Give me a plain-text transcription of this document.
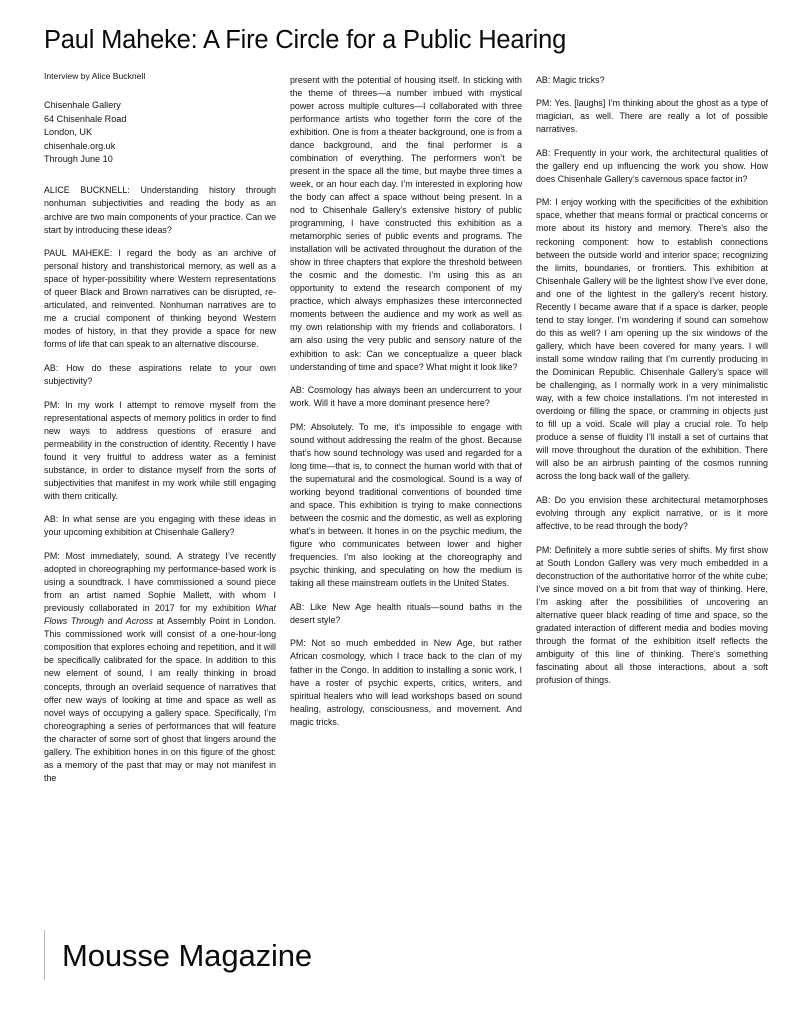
Paul Maheke: A Fire Circle for a Public Hearing
Interview by Alice Bucknell
Chisenhale Gallery
64 Chisenhale Road
London, UK
chisenhale.org.uk
Through June 10

ALICE BUCKNELL: Understanding history through nonhuman subjectivities and reading the body as an archive are two main components of your practice. Can we start by introducing these ideas?

PAUL MAHEKE: I regard the body as an archive of personal history and transhistorical memory, as well as a space of hyper-possibility where Western representations of queer Black and Brown narratives can be disrupted, re-articulated, and reinvented. Nonhuman narratives are to me a crucial component of thinking beyond Western modes of history, in that they provide a space for new forms of life that can speak to an alternative discourse.

AB: How do these aspirations relate to your own subjectivity?

PM: In my work I attempt to remove myself from the representational aspects of memory politics in order to find new ways to address questions of erasure and permeability in the construction of identity. Recently I have found it very fruitful to address water as a feminist substance, in order to distance myself from the sorts of subjectivities that manifest in my work while still engaging with them critically.

AB: In what sense are you engaging with these ideas in your upcoming exhibition at Chisenhale Gallery?

PM: Most immediately, sound. A strategy I’ve recently adopted in choreographing my performance-based work is using a soundtrack. I have commissioned a sound piece from an artist named Sophie Mallett, with whom I previously collaborated in 2017 for my exhibition What Flows Through and Across at Assembly Point in London. This commissioned work will consist of a one-hour-long composition that explores echoing and repetition, and it will be specifically calibrated for the space. In addition to this new element of sound, I am really thinking in broad concepts, through an overlaid sequence of narratives that offer new ways of looking at time and space as well as novel ways of occupying a gallery space. Specifically, I’m choreographing a series of performances that will feature the character of some sort of ghost that lingers around the gallery. The exhibition hones in on this figure of the ghost: as a memory of the past that may or may not manifest in the

present with the potential of housing itself. In sticking with the theme of threes—a number imbued with mystical power across multiple cultures—I collaborated with three performance artists who together form the core of the exhibition. One is from a theater background, one is from a dance background, and the final performer is a combination of everything. The performers won’t be present in the space all the time, but maybe three times a week, or an hour each day. I’m interested in exploring how the body can affect a space without being present. In a nod to Chisenhale Gallery’s extensive history of public programming, I have constructed this exhibition as a metamorphic series of public events and programs. The installation will be activated throughout the duration of the show in three chapters that explore the threshold between the cosmic and the domestic. I’m using this as an opportunity to extend the research component of my practice, which always emphasizes these interconnected moments between the audience and my work as well as my own relationship with my friends and collaborators. I am also using the very public and sensory nature of the exhibition to ask: Can we conceptualize a queer black understanding of time and space? What might it look like?

AB: Cosmology has always been an undercurrent to your work. Will it have a more dominant presence here?

PM: Absolutely. To me, it’s impossible to engage with sound without addressing the realm of the ghost. Because that’s how sound technology was used and regarded for a long time—that is, to connect the human world with that of the supernatural and the cosmological. Sound is a way of working beyond traditional conventions of bounded time and space. This exhibition is trying to make connections between the cosmic and the domestic, as well as exploring what’s in between. It hones in on the psychic medium, the figure who communicates between lower and higher frequencies. I’m also looking at the choreography and psychic thinking, and speculating on how the medium is taking all these mainstream outlets in the United States.

AB: Like New Age health rituals—sound baths in the desert style?

PM: Not so much embedded in New Age, but rather African cosmology, which I trace back to the clan of my father in the Congo. In addition to installing a sonic work, I have a roster of psychic experts, critics, writers, and spiritual healers who will lead workshops based on sound healing, astrology, consciousness, and movement. And magic tricks.

AB: Magic tricks?

PM: Yes. [laughs] I’m thinking about the ghost as a type of magician, as well. There are really a lot of possible narratives.

AB: Frequently in your work, the architectural qualities of the gallery end up influencing the work you show. How does Chisenhale Gallery’s cavernous space factor in?

PM: I enjoy working with the specificities of the exhibition space, whether that means formal or practical concerns or more about its history and memory. There’s also the reckoning component: how to establish connections between the outside world and interior space; recognizing the limits, boundaries, or frontiers. This exhibition at Chisenhale Gallery will be the lightest show I’ve ever done, and one of the lightest in the gallery’s recent history. Recently I became aware that if a space is darker, people tend to stay longer. I’m wondering if sound can somehow do this as well? I am opening up the six windows of the gallery, which have been covered for many years. I will install some window railing that I’m currently producing in the Dominican Republic. Chisenhale Gallery’s space will be challenging, as I normally work in a very minimalistic way, with a few choice installations. I’m not interested in overdoing or filling the space, or cramming in objects just to fill up a void. Scale will play a crucial role. To help produce a sense of fluidity I’ll install a set of curtains that will move throughout the duration of the exhibition. There will also be an airbrush painting of the cosmos running across the long back wall of the gallery.

AB: Do you envision these architectural metamorphoses evolving through any explicit narrative, or is it more affective, to be read through the body?

PM: Definitely a more subtle series of shifts. My first show at South London Gallery was very much embedded in a deconstruction of the authoritative horror of the white cube; I’ve since moved on a bit from that way of thinking. Here, I’m asking after the possibilities of uncovering an alternative queer black reading of time and space, so the gradated interaction of different media and bodies moving through the format of the exhibition itself reflects the ambiguity of this line of thinking. There’s something fascinating about all those interactions, about a soft profusion of things.

Mousse Magazine
